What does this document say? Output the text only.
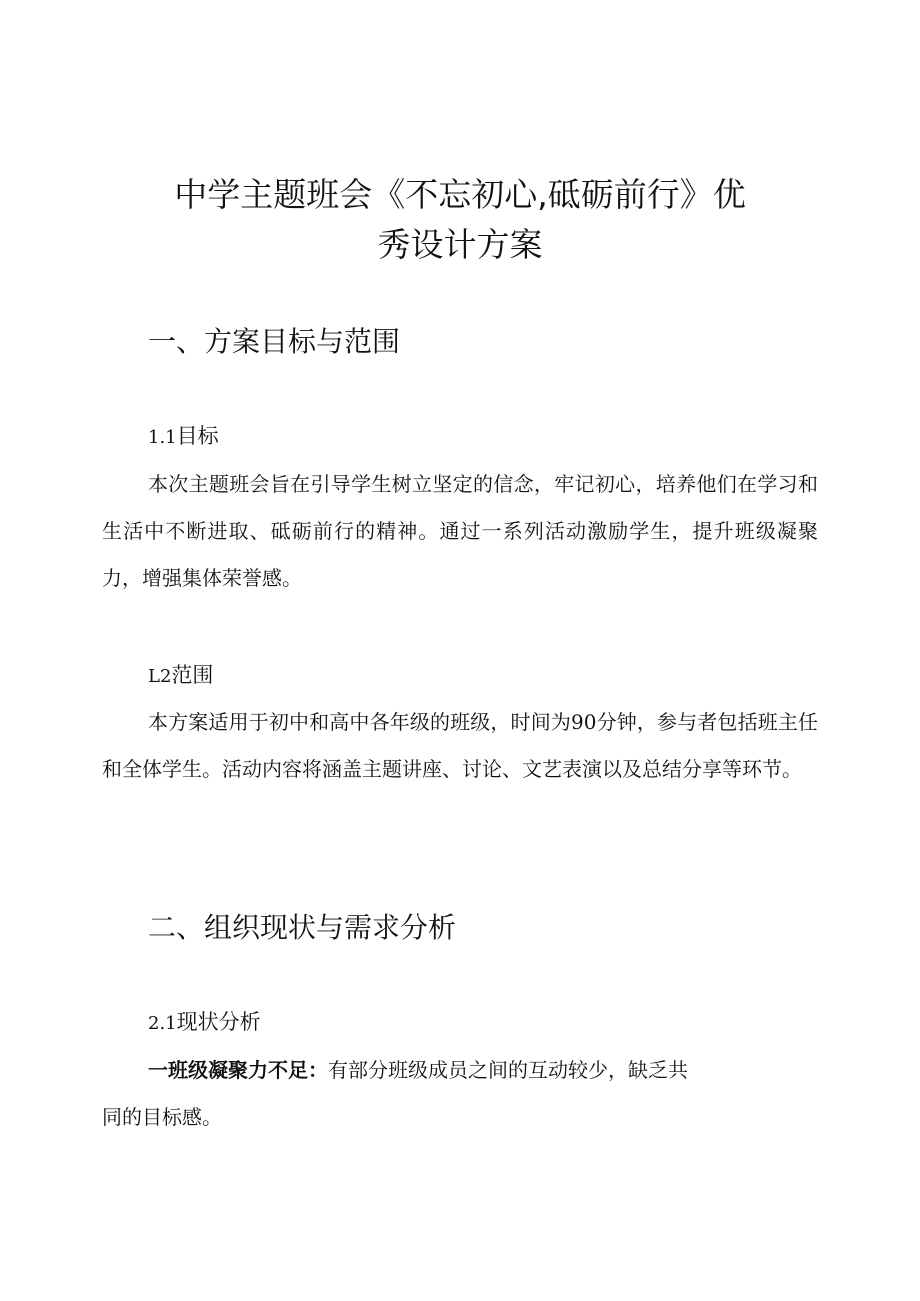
中学主题班会《不忘初心,砥砺前行》优
秀设计方案
一、方案目标与范围
1.1目标

本次主题班会旨在引导学生树立坚定的信念，牢记初心，培养他们在学习和生活中不断进取、砥砺前行的精神。通过一系列活动激励学生，提升班级凝聚力，增强集体荣誉感。

L2范围

本方案适用于初中和高中各年级的班级，时间为90分钟，参与者包括班主任和全体学生。活动内容将涵盖主题讲座、讨论、文艺表演以及总结分享等环节。

二、组织现状与需求分析
2.1现状分析

一班级凝聚力不足：有部分班级成员之间的互动较少，缺乏共
同的目标感。
